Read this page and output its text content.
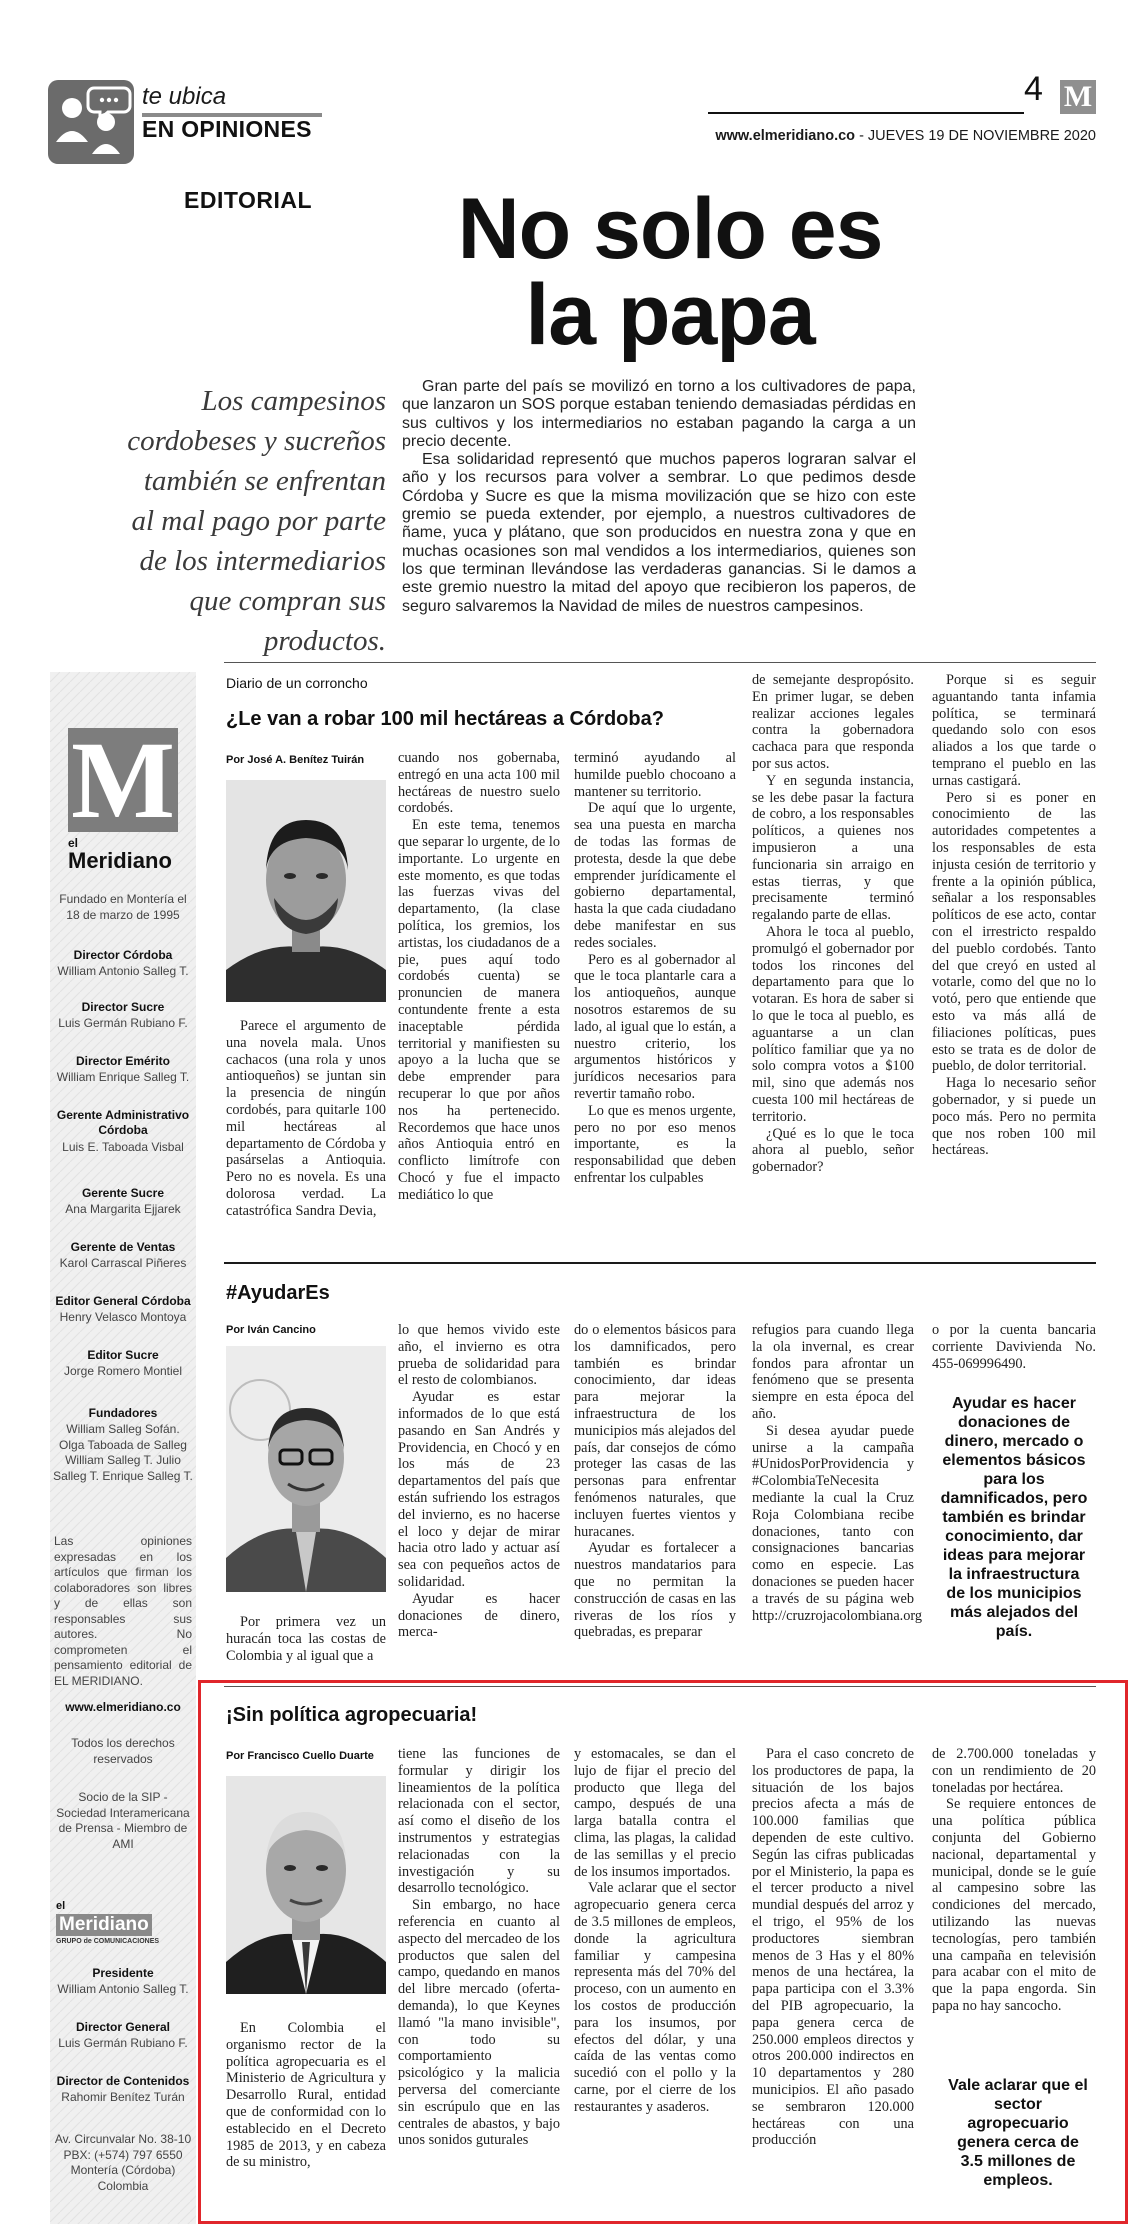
te ubica
EN OPINIONES
4 M
www.elmeridiano.co - JUEVES 19 DE NOVIEMBRE 2020
EDITORIAL	No solo es
la papa
Los campesinos cordobeses y sucreños también se enfrentan al mal pago por parte de los intermediarios que compran sus productos.

Gran parte del país se movilizó en torno a los cultivadores de papa, que lanzaron un SOS porque estaban teniendo demasiadas pérdidas en sus cultivos y los intermediarios no estaban pagando la carga a un precio decente.

Esa solidaridad representó que muchos paperos lograran salvar el año y los recursos para volver a sembrar. Lo que pedimos desde Córdoba y Sucre es que la misma movilización que se hizo con este gremio se pueda extender, por ejemplo, a nuestros cultivadores de ñame, yuca y plátano, que son producidos en nuestra zona y que en muchas ocasiones son mal vendidos a los intermediarios, quienes son los que terminan llevándose las verdaderas ganancias. Si le damos a este gremio nuestro la mitad del apoyo que recibieron los paperos, de seguro salvaremos la Navidad de miles de nuestros campesinos.

M
el
Meridiano
Fundado en Montería el 18 de marzo de 1995
Director Córdoba
William Antonio Salleg T.
Director Sucre
Luis Germán Rubiano F.
Director Emérito
William Enrique Salleg T.
Gerente Administrativo Córdoba
Luis E. Taboada Visbal
Gerente Sucre
Ana Margarita Ejjarek
Gerente de Ventas
Karol Carrascal Piñeres
Editor General Córdoba
Henry Velasco Montoya
Editor Sucre
Jorge Romero Montiel
Fundadores
William Salleg Sofán. Olga Taboada de Salleg William Salleg T. Julio Salleg T. Enrique Salleg T.
Las opiniones expresadas en los artículos que firman los colaboradores son libres y de ellas son responsables sus autores. No comprometen el pensamiento editorial de EL MERIDIANO.
www.elmeridiano.co
Todos los derechos reservados
Socio de la SIP - Sociedad Interamericana de Prensa - Miembro de AMI
el
Meridiano
GRUPO de COMUNICACIONES
Presidente
William Antonio Salleg T.
Director General
Luis Germán Rubiano F.
Director de Contenidos
Rahomir Benítez Turán
Av. Circunvalar No. 38-10 PBX: (+574) 797 6550 Montería (Córdoba) Colombia
Diario de un corroncho
¿Le van a robar 100 mil hectáreas a Córdoba?
Por José A. Benítez Tuirán

Parece el argumento de una novela mala. Unos cachacos (una rola y unos antioqueños) se juntan sin la presencia de ningún cordobés, para quitarle 100 mil hectáreas al departamento de Córdoba y pasárselas a Antioquia. Pero no es novela. Es una dolorosa verdad. La catastrófica Sandra Devia,

cuando nos gobernaba, entregó en una acta 100 mil hectáreas de nuestro suelo cordobés.

En este tema, tenemos que separar lo urgente, de lo importante. Lo urgente en este momento, es que todas las fuerzas vivas del departamento, (la clase política, los gremios, los artistas, los ciudadanos de a pie, pues aquí todo cordobés cuenta) se pronuncien de manera contundente frente a esta inaceptable pérdida territorial y manifiesten su apoyo a la lucha que se debe emprender para recuperar lo que por años nos ha pertenecido. Recordemos que hace unos años Antioquia entró en conflicto limítrofe con Chocó y fue el impacto mediático lo que

terminó ayudando al humilde pueblo chocoano a mantener su territorio.

De aquí que lo urgente, sea una puesta en marcha de todas las formas de protesta, desde la que debe emprender jurídicamente el gobierno departamental, hasta la que cada ciudadano debe manifestar en sus redes sociales.

Pero es al gobernador al que le toca plantarle cara a los antioqueños, aunque nosotros estaremos de su lado, al igual que lo están, a nuestro criterio, los argumentos históricos y jurídicos necesarios para revertir tamaño robo.

Lo que es menos urgente, pero no por eso menos importante, es la responsabilidad que deben enfrentar los culpables

de semejante despropósito. En primer lugar, se deben realizar acciones legales contra la gobernadora cachaca para que responda por sus actos.

Y en segunda instancia, se les debe pasar la factura de cobro, a los responsables políticos, a quienes nos impusieron a una funcionaria sin arraigo en estas tierras, y que precisamente terminó regalando parte de ellas.

Ahora le toca al pueblo, promulgó el gobernador por todos los rincones del departamento para que lo votaran. Es hora de saber si lo que le toca al pueblo, es aguantarse a un clan político familiar que ya no solo compra votos a $100 mil, sino que además nos cuesta 100 mil hectáreas de territorio.

¿Qué es lo que le toca ahora al pueblo, señor gobernador?

Porque si es seguir aguantando tanta infamia política, se terminará quedando solo con esos aliados a los que tarde o temprano el pueblo en las urnas castigará.

Pero si es poner en conocimiento de las autoridades competentes a los responsables de esta injusta cesión de territorio y frente a la opinión pública, señalar a los responsables políticos de ese acto, contar con el irrestricto respaldo del pueblo cordobés. Tanto del que creyó en usted al votarle, como del que no lo votó, pero que entiende que esto va más allá de filiaciones políticas, pues esto se trata es de dolor de pueblo, de dolor territorial.

Haga lo necesario señor gobernador, y si puede un poco más. Pero no permita que nos roben 100 mil hectáreas.

#AyudarEs
Por Iván Cancino

Por primera vez un huracán toca las costas de Colombia y al igual que a

lo que hemos vivido este año, el invierno es otra prueba de solidaridad para el resto de colombianos.

Ayudar es estar informados de lo que está pasando en San Andrés y Providencia, en Chocó y en los más de 23 departamentos del país que están sufriendo los estragos del invierno, es no hacerse el loco y dejar de mirar hacia otro lado y actuar así sea con pequeños actos de solidaridad.

Ayudar es hacer donaciones de dinero, merca-

do o elementos básicos para los damnificados, pero también es brindar conocimiento, dar ideas para mejorar la infraestructura de los municipios más alejados del país, dar consejos de cómo proteger las casas de las personas para enfrentar fenómenos naturales, que incluyen fuertes vientos y huracanes.

Ayudar es fortalecer a nuestros mandatarios para que no permitan la construcción de casas en las riveras de los ríos y quebradas, es preparar

refugios para cuando llega la ola invernal, es crear fondos para afrontar un fenómeno que se presenta siempre en esta época del año.

Si desea ayudar puede unirse a la campaña #UnidosPorProvidencia y #ColombiaTeNecesita mediante la cual la Cruz Roja Colombiana recibe donaciones, tanto con consignaciones bancarias como en especie. Las donaciones se pueden hacer a través de su página web http://cruzrojacolombiana.org

o por la cuenta bancaria corriente Davivienda No. 455-069996490.

Ayudar es hacer donaciones de dinero, mercado o elementos básicos para los damnificados, pero también es brindar conocimiento, dar ideas para mejorar la infraestructura de los municipios más alejados del país.
¡Sin política agropecuaria!
Por Francisco Cuello Duarte

En Colombia el organismo rector de la política agropecuaria es el Ministerio de Agricultura y Desarrollo Rural, entidad que de conformidad con lo establecido en el Decreto 1985 de 2013, y en cabeza de su ministro,

tiene las funciones de formular y dirigir los lineamientos de la política relacionada con el sector, así como el diseño de los instrumentos y estrategias relacionadas con la investigación y su desarrollo tecnológico.

Sin embargo, no hace referencia en cuanto al aspecto del mercadeo de los productos que salen del campo, quedando en manos del libre mercado (oferta-demanda), lo que Keynes llamó "la mano invisible", con todo su comportamiento psicológico y la malicia perversa del comerciante sin escrúpulo que en las centrales de abastos, y bajo unos sonidos guturales

y estomacales, se dan el lujo de fijar el precio del producto que llega del campo, después de una larga batalla contra el clima, las plagas, la calidad de las semillas y el precio de los insumos importados.

Vale aclarar que el sector agropecuario genera cerca de 3.5 millones de empleos, donde la agricultura familiar y campesina representa más del 70% del proceso, con un aumento en los costos de producción para los insumos, por efectos del dólar, y una caída de las ventas como sucedió con el pollo y la carne, por el cierre de los restaurantes y asaderos.

Para el caso concreto de los productores de papa, la situación de los bajos precios afecta a más de 100.000 familias que dependen de este cultivo. Según las cifras publicadas por el Ministerio, la papa es el tercer producto a nivel mundial después del arroz y el trigo, el 95% de los productores siembran menos de 3 Has y el 80% menos de una hectárea, la papa participa con el 3.3% del PIB agropecuario, la papa genera cerca de 250.000 empleos directos y otros 200.000 indirectos en 10 departamentos y 280 municipios. El año pasado se sembraron 120.000 hectáreas con una producción

de 2.700.000 toneladas y con un rendimiento de 20 toneladas por hectárea.

Se requiere entonces de una política pública conjunta del Gobierno nacional, departamental y municipal, donde se le guíe al campesino sobre las condiciones del mercado, utilizando las nuevas tecnologías, pero también una campaña en televisión para acabar con el mito de que la papa engorda. Sin papa no hay sancocho.

Vale aclarar que el sector agropecuario genera cerca de 3.5 millones de empleos.
